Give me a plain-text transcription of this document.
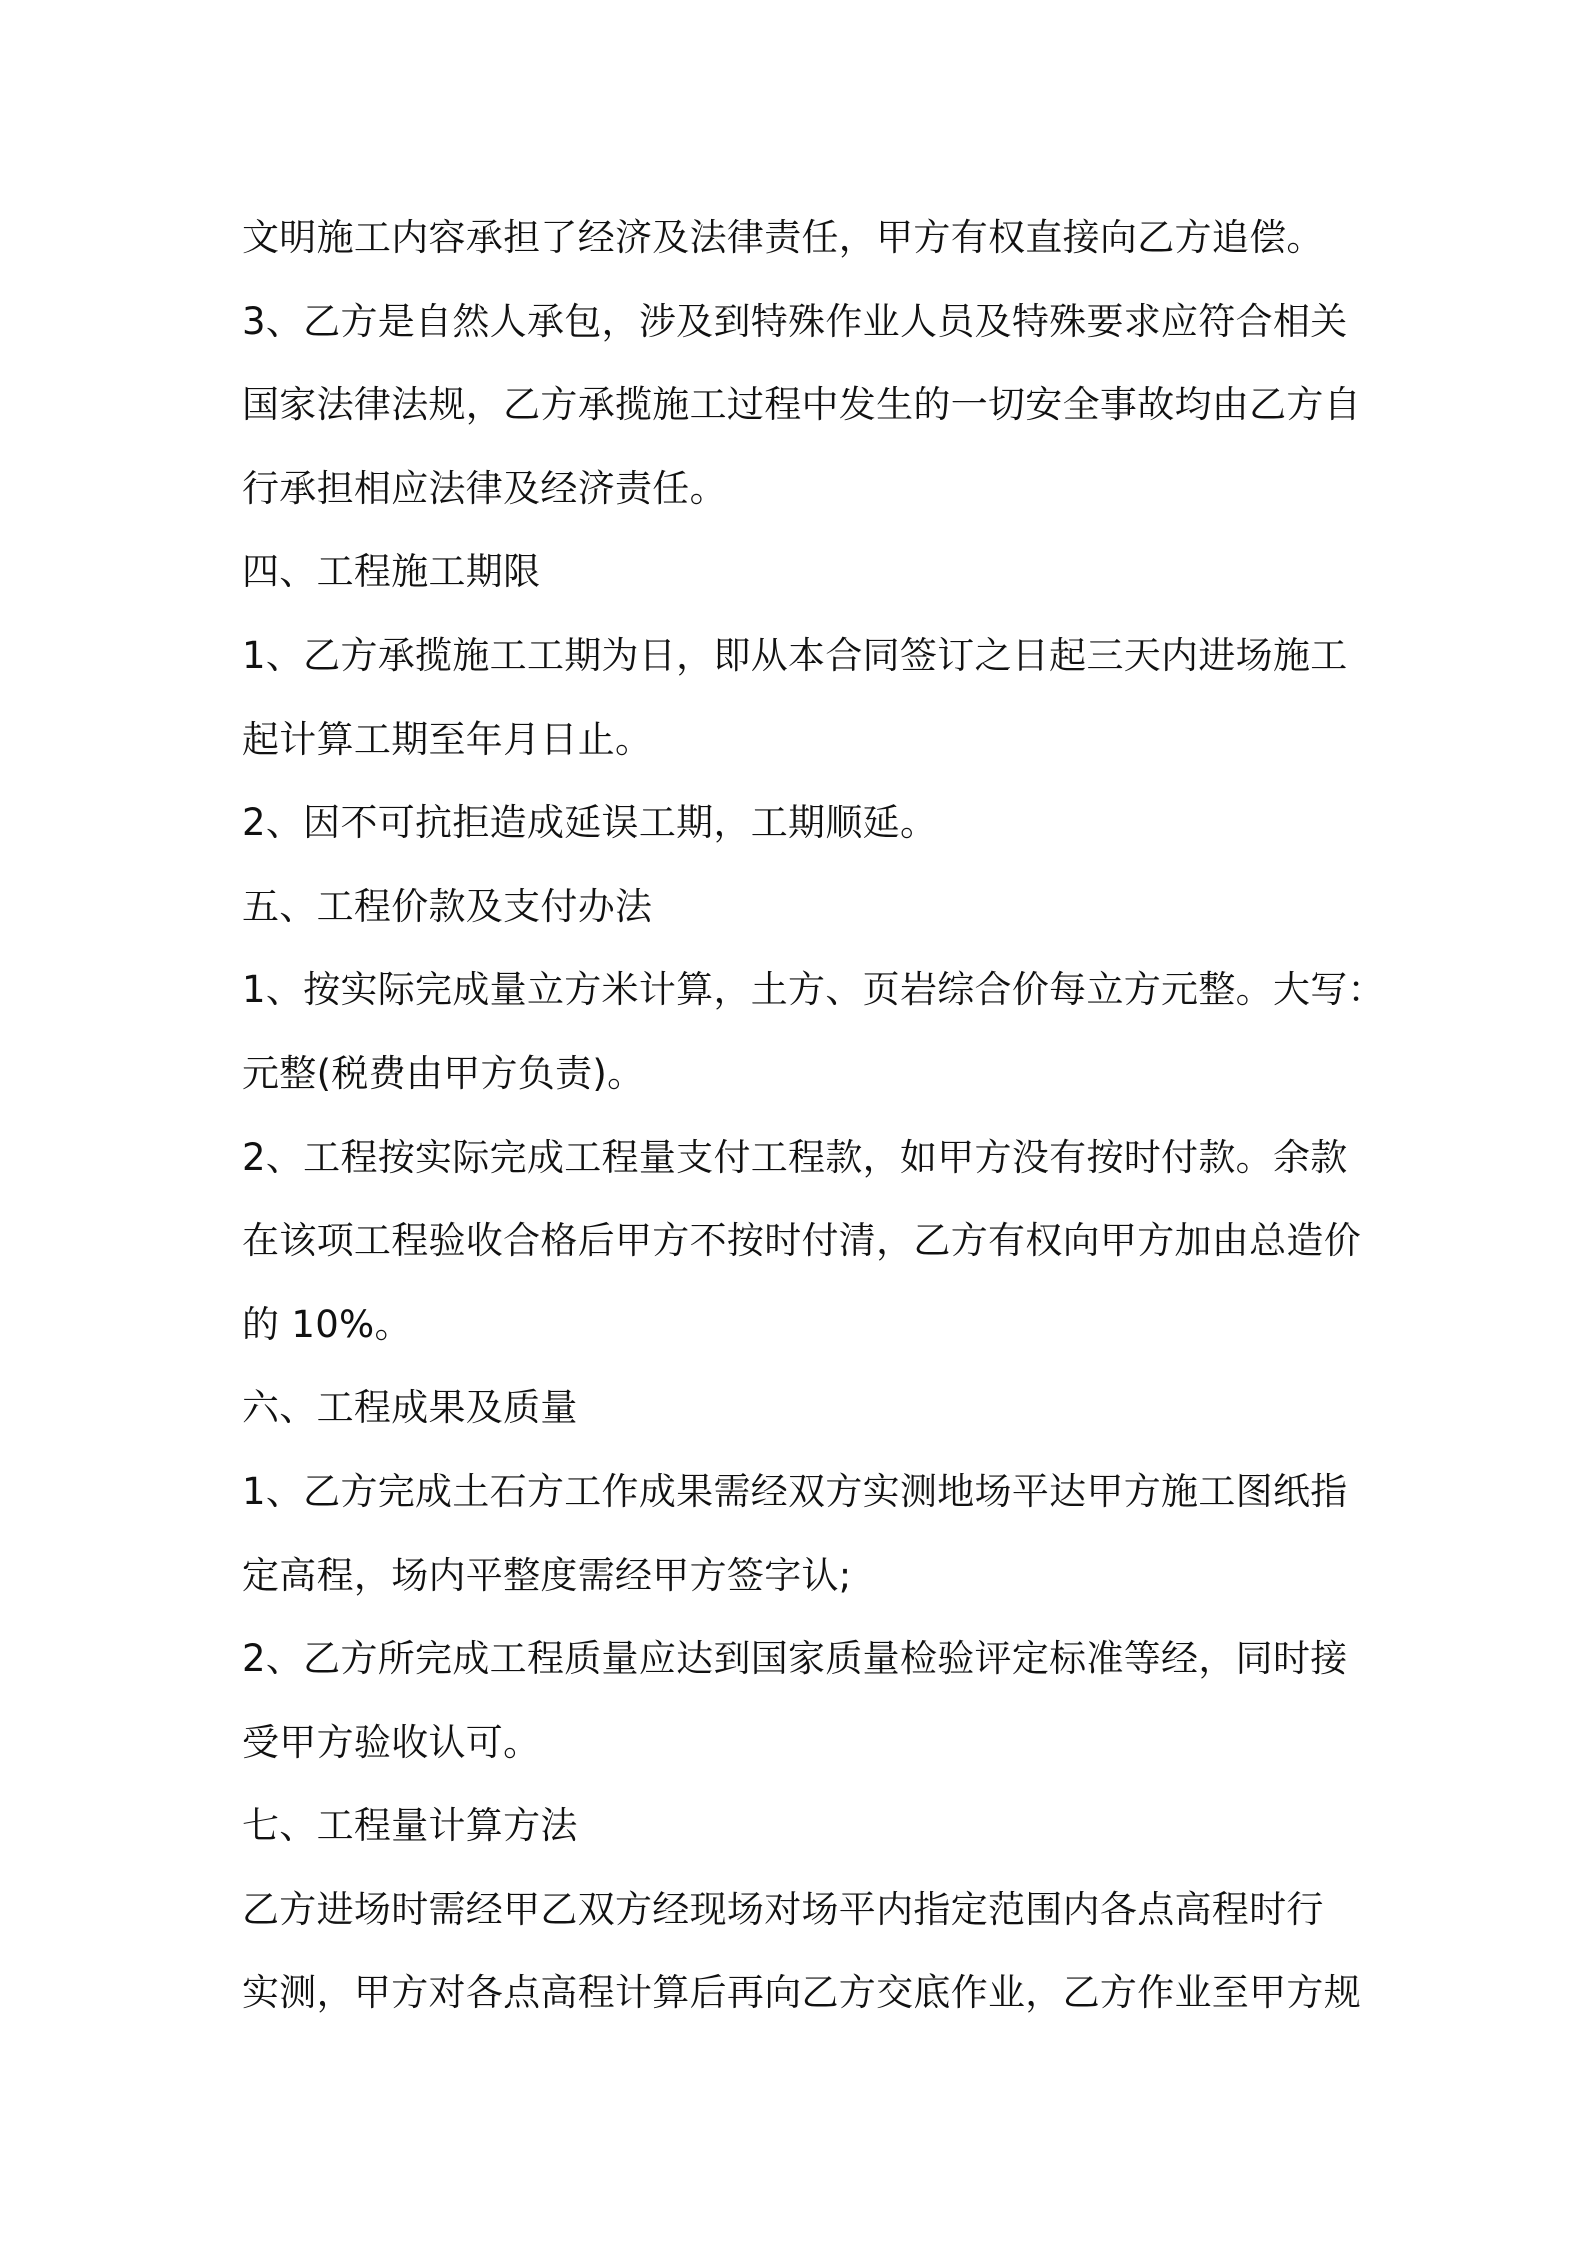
文明施工内容承担了经济及法律责任，甲方有权直接向乙方追偿。

3、乙方是自然人承包，涉及到特殊作业人员及特殊要求应符合相关

国家法律法规，乙方承揽施工过程中发生的一切安全事故均由乙方自

行承担相应法律及经济责任。

四、工程施工期限

1、乙方承揽施工工期为日，即从本合同签订之日起三天内进场施工

起计算工期至年月日止。

2、因不可抗拒造成延误工期，工期顺延。

五、工程价款及支付办法

1、按实际完成量立方米计算，土方、页岩综合价每立方元整。大写：

元整(税费由甲方负责)。

2、工程按实际完成工程量支付工程款，如甲方没有按时付款。余款

在该项工程验收合格后甲方不按时付清，乙方有权向甲方加由总造价

的 10%。

六、工程成果及质量

1、乙方完成土石方工作成果需经双方实测地场平达甲方施工图纸指

定高程，场内平整度需经甲方签字认;

2、乙方所完成工程质量应达到国家质量检验评定标准等经，同时接

受甲方验收认可。

七、工程量计算方法

乙方进场时需经甲乙双方经现场对场平内指定范围内各点高程时行

实测，甲方对各点高程计算后再向乙方交底作业，乙方作业至甲方规
